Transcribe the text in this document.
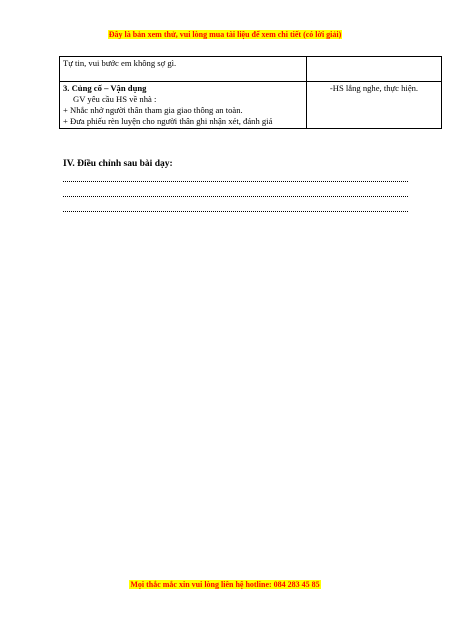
Đây là bản xem thử, vui lòng mua tài liệu để xem chi tiết (có lời giải)
Tự tin, vui bước em không sợ gì.	

3. Củng cố – Vận dụng
GV yêu cầu HS về nhà :
+ Nhắc nhở người thân tham gia giao thông an toàn.
+ Đưa phiếu rèn luyện cho người thân ghi nhận xét, đánh giá	-HS lắng nghe, thực hiện.
IV. Điều chỉnh sau bài dạy:
Mọi thắc mắc xin vui lòng liên hệ hotline: 084 283 45 85
